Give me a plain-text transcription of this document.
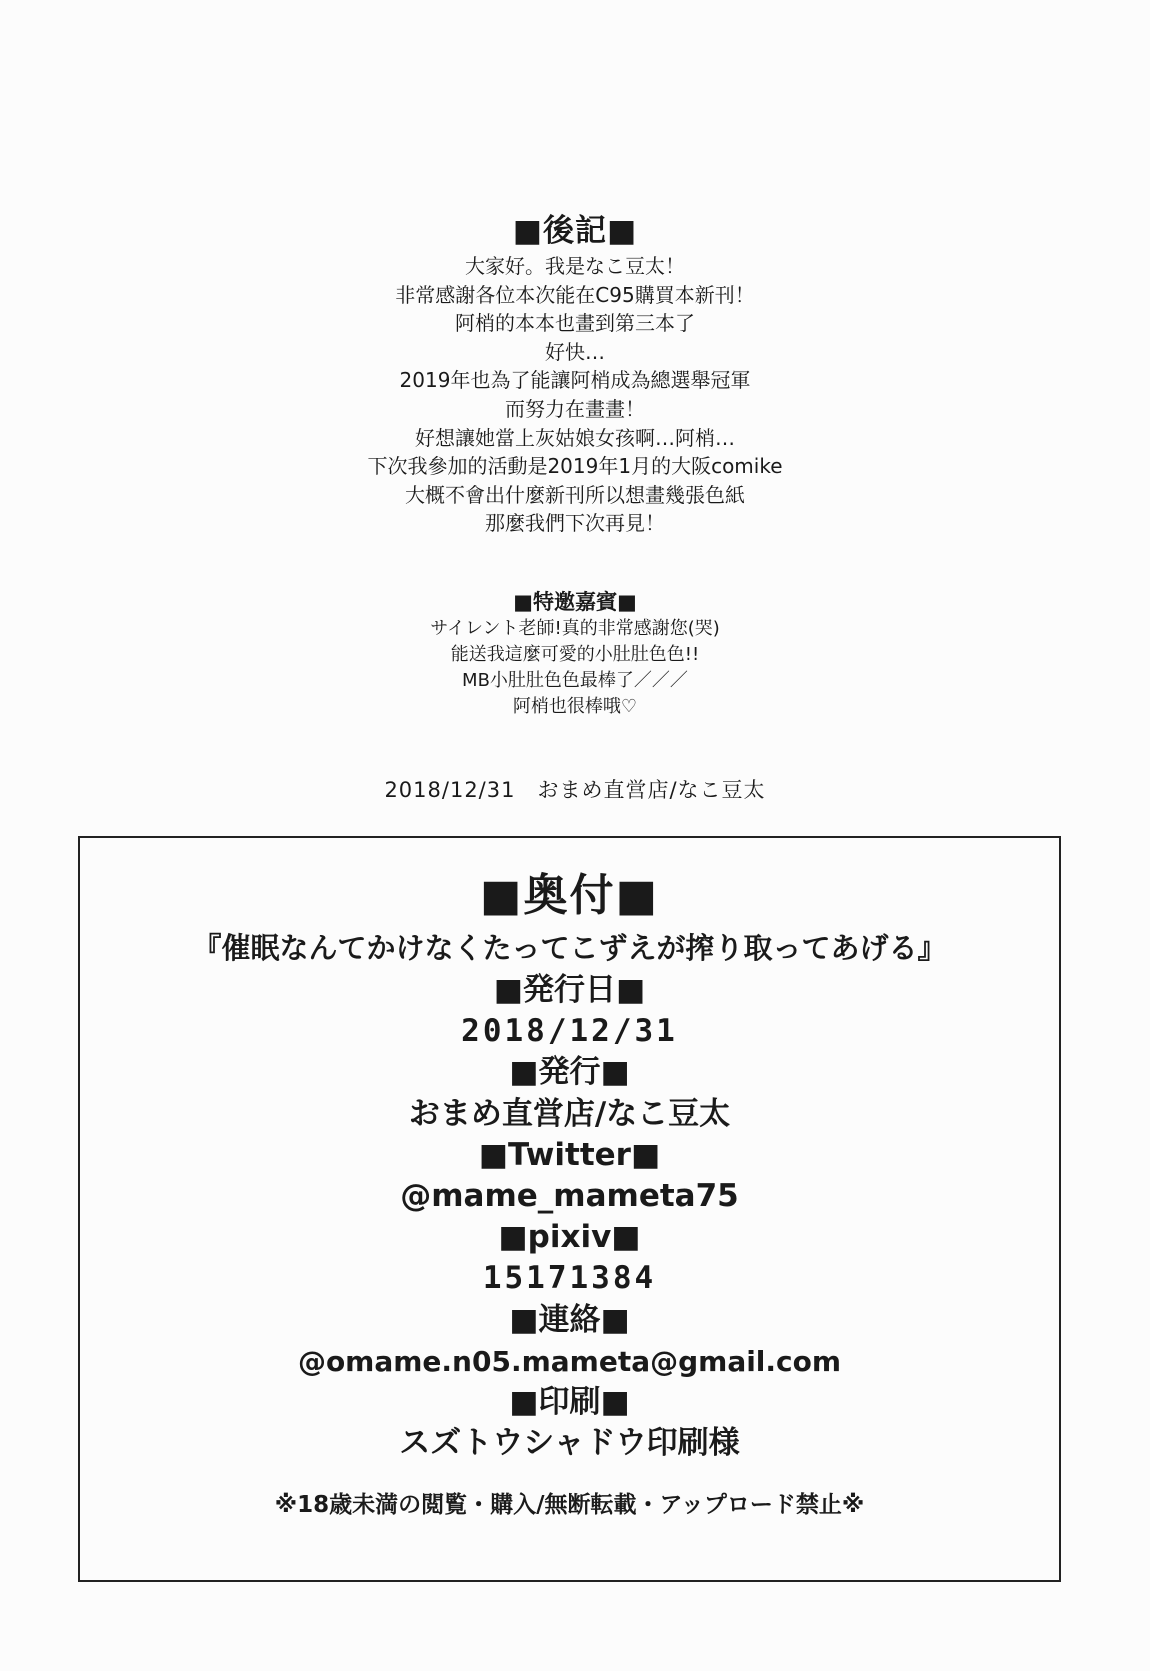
■後記■
大家好。我是なこ豆太！
非常感謝各位本次能在C95購買本新刊！
阿梢的本本也畫到第三本了
好快…
2019年也為了能讓阿梢成為總選舉冠軍
而努力在畫畫！
好想讓她當上灰姑娘女孩啊…阿梢…
下次我參加的活動是2019年1月的大阪comike
大概不會出什麼新刊所以想畫幾張色紙
那麼我們下次再見！
■特邀嘉賓■
サイレント老師!真的非常感謝您(哭)
能送我這麼可愛的小肚肚色色!!
MB小肚肚色色最棒了／／／
阿梢也很棒哦♡
2018/12/31　おまめ直営店/なこ豆太
■奥付■
『催眠なんてかけなくたってこずえが搾り取ってあげる』
■発行日■
2018/12/31
■発行■
おまめ直営店/なこ豆太
■Twitter■
@mame_mameta75
■pixiv■
15171384
■連絡■
@omame.n05.mameta@gmail.com
■印刷■
スズトウシャドウ印刷様
※18歳未満の閲覧・購入/無断転載・アップロード禁止※
